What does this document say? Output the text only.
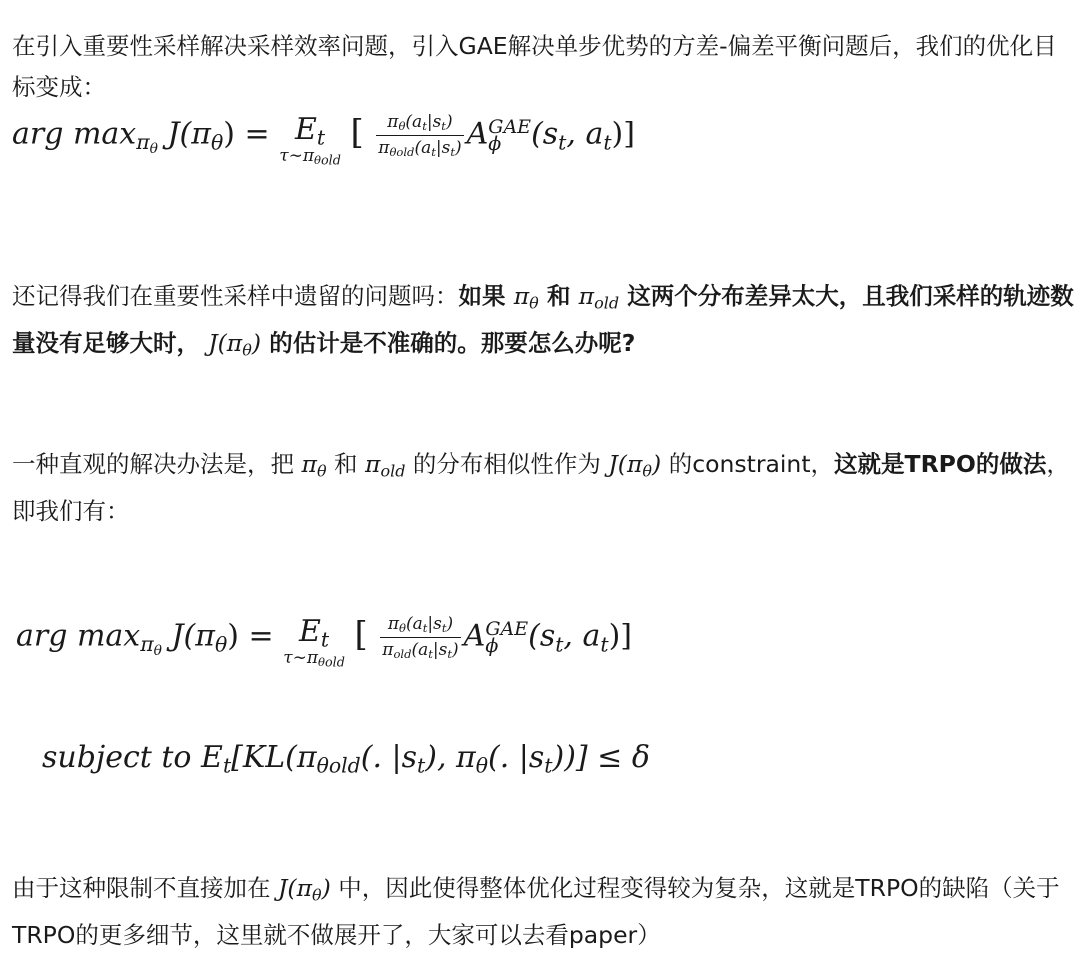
在引入重要性采样解决采样效率问题，引入GAE解决单步优势的方差-偏差平衡问题后，我们的优化目标变成：
arg $\max_{\pi_\theta} J(\pi_\theta) = E_t$
$\tau\sim\pi_{\theta old}$
[ $\frac{\pi_\theta(a_t|s_t)}{\pi_{\theta old}(a_t|s_t)}$ A GAE
ϕ ($s_t$, $a_t$)]
还记得我们在重要性采样中遗留的问题吗：如果 $\pi_\theta$ 和 $\pi_{old}$ 这两个分布差异太大，且我们采样的轨迹数量没有足够大时， $J(\pi_\theta)$ 的估计是不准确的。那要怎么办呢?
一种直观的解决办法是，把 $\pi_\theta$ 和 $\pi_{old}$ 的分布相似性作为 $J(\pi_\theta)$ 的constraint，这就是TRPO的做法，即我们有：
arg $\max_{\pi_\theta} J(\pi_\theta) = E_t$
$\tau\sim\pi_{\theta old}$
[ $\frac{\pi_\theta(a_t|s_t)}{\pi_{old}(a_t|s_t)}$ A GAE
ϕ ($s_t$, $a_t$)]
subject to $E_t[KL(\pi_{\theta old}$(. $|s_t$), $\pi_\theta$(. $|s_t))] \le \delta$
由于这种限制不直接加在 $J(\pi_\theta)$ 中，因此使得整体优化过程变得较为复杂，这就是TRPO的缺陷（关于TRPO的更多细节，这里就不做展开了，大家可以去看paper）
